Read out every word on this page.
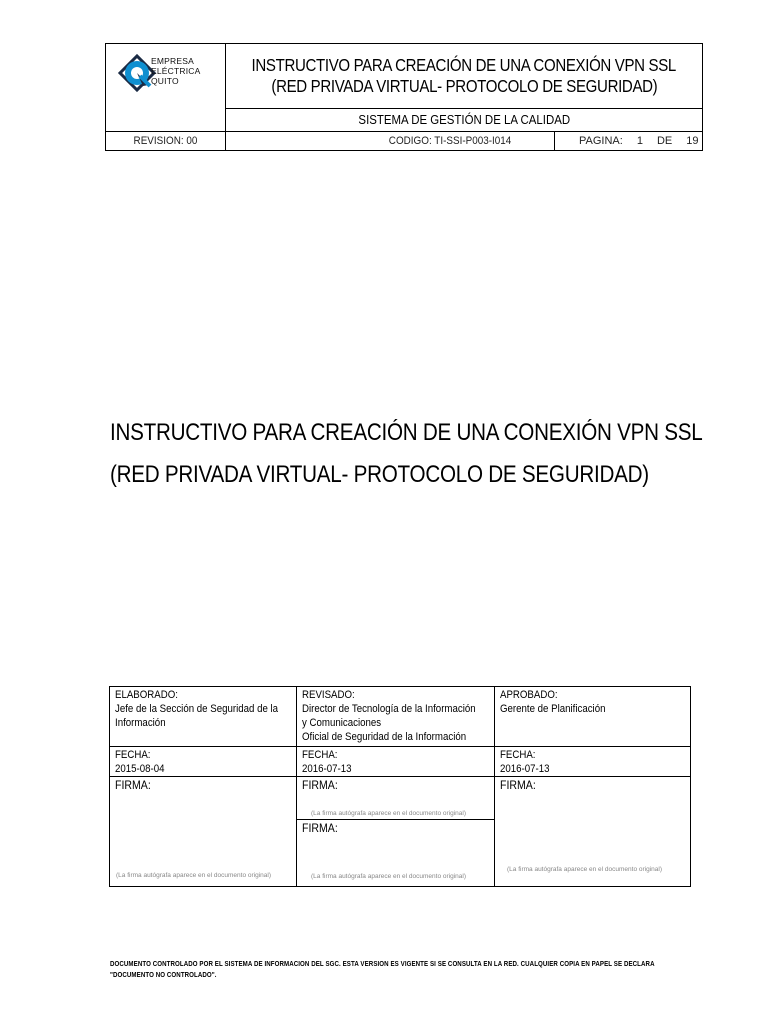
EMPRESA
ELÉCTRICA
QUITO
INSTRUCTIVO PARA CREACIÓN DE UNA CONEXIÓN VPN SSL
(RED PRIVADA VIRTUAL- PROTOCOLO DE SEGURIDAD)
SISTEMA DE GESTIÓN DE LA CALIDAD
REVISION: 00	CODIGO: TI-SSI-P003-I014	PAGINA: 1 DE 19
INSTRUCTIVO PARA CREACIÓN DE UNA CONEXIÓN VPN SSL
(RED PRIVADA VIRTUAL- PROTOCOLO DE SEGURIDAD)
ELABORADO:
Jefe de la Sección de Seguridad de la
Información
REVISADO:
Director de Tecnología de la Información
y Comunicaciones
Oficial de Seguridad de la Información
APROBADO:
Gerente de Planificación
FECHA:
2015-08-04
FECHA:
2016-07-13
FECHA:
2016-07-13
FIRMA:
(La firma autógrafa aparece en el documento original)
FIRMA:
(La firma autógrafa aparece en el documento original)
FIRMA:
(La firma autógrafa aparece en el documento original)
FIRMA:
(La firma autógrafa aparece en el documento original)
DOCUMENTO CONTROLADO POR EL SISTEMA DE INFORMACION DEL SGC. ESTA VERSION ES VIGENTE SI SE CONSULTA EN LA RED. CUALQUIER COPIA EN PAPEL SE DECLARA
"DOCUMENTO NO CONTROLADO".
